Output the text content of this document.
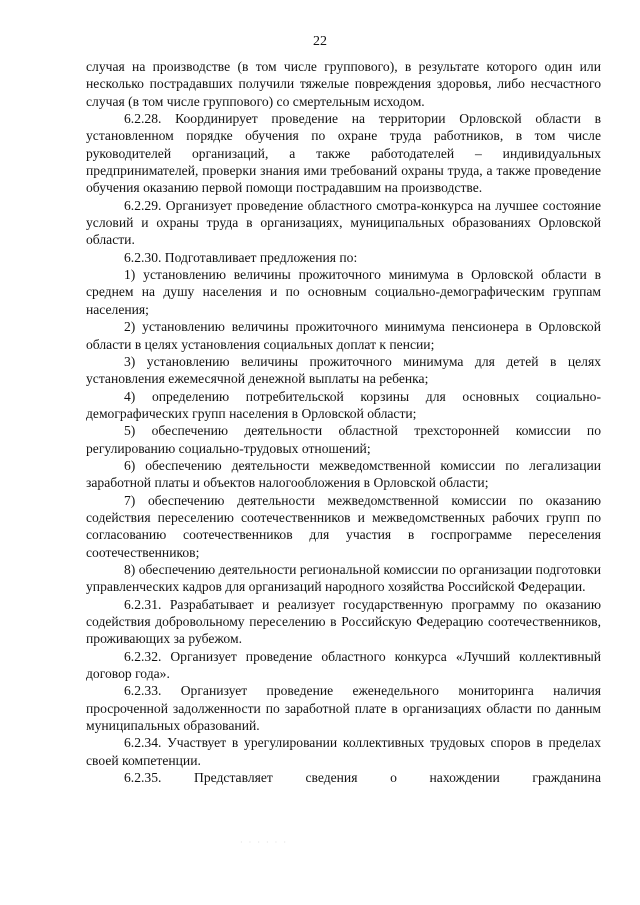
22

случая на производстве (в том числе группового), в результате которого один или несколько пострадавших получили тяжелые повреждения здоровья, либо несчастного случая (в том числе группового) со смертельным исходом.

6.2.28. Координирует проведение на территории Орловской области в установленном порядке обучения по охране труда работников, в том числе руководителей организаций, а также работодателей – индивидуальных предпринимателей, проверки знания ими требований охраны труда, а также проведение обучения оказанию первой помощи пострадавшим на производстве.

6.2.29. Организует проведение областного смотра-конкурса на лучшее состояние условий и охраны труда в организациях, муниципальных образованиях Орловской области.

6.2.30. Подготавливает предложения по:

1) установлению величины прожиточного минимума в Орловской области в среднем на душу населения и по основным социально-демографическим группам населения;

2) установлению величины прожиточного минимума пенсионера в Орловской области в целях установления социальных доплат к пенсии;

3) установлению величины прожиточного минимума для детей в целях установления ежемесячной денежной выплаты на ребенка;

4) определению потребительской корзины для основных социально-демографических групп населения в Орловской области;

5) обеспечению деятельности областной трехсторонней комиссии по регулированию социально-трудовых отношений;

6) обеспечению деятельности межведомственной комиссии по легализации заработной платы и объектов налогообложения в Орловской области;

7) обеспечению деятельности межведомственной комиссии по оказанию содействия переселению соотечественников и межведомственных рабочих групп по согласованию соотечественников для участия в госпрограмме переселения соотечественников;

8) обеспечению деятельности региональной комиссии по организации подготовки управленческих кадров для организаций народного хозяйства Российской Федерации.

6.2.31. Разрабатывает и реализует государственную программу по оказанию содействия добровольному переселению в Российскую Федерацию соотечественников, проживающих за рубежом.

6.2.32. Организует проведение областного конкурса «Лучший коллективный договор года».

6.2.33. Организует проведение еженедельного мониторинга наличия просроченной задолженности по заработной плате в организациях области по данным муниципальных образований.

6.2.34. Участвует в урегулировании коллективных трудовых споров в пределах своей компетенции.

6.2.35. Представляет сведения о нахождении гражданина

· · · · · ·
